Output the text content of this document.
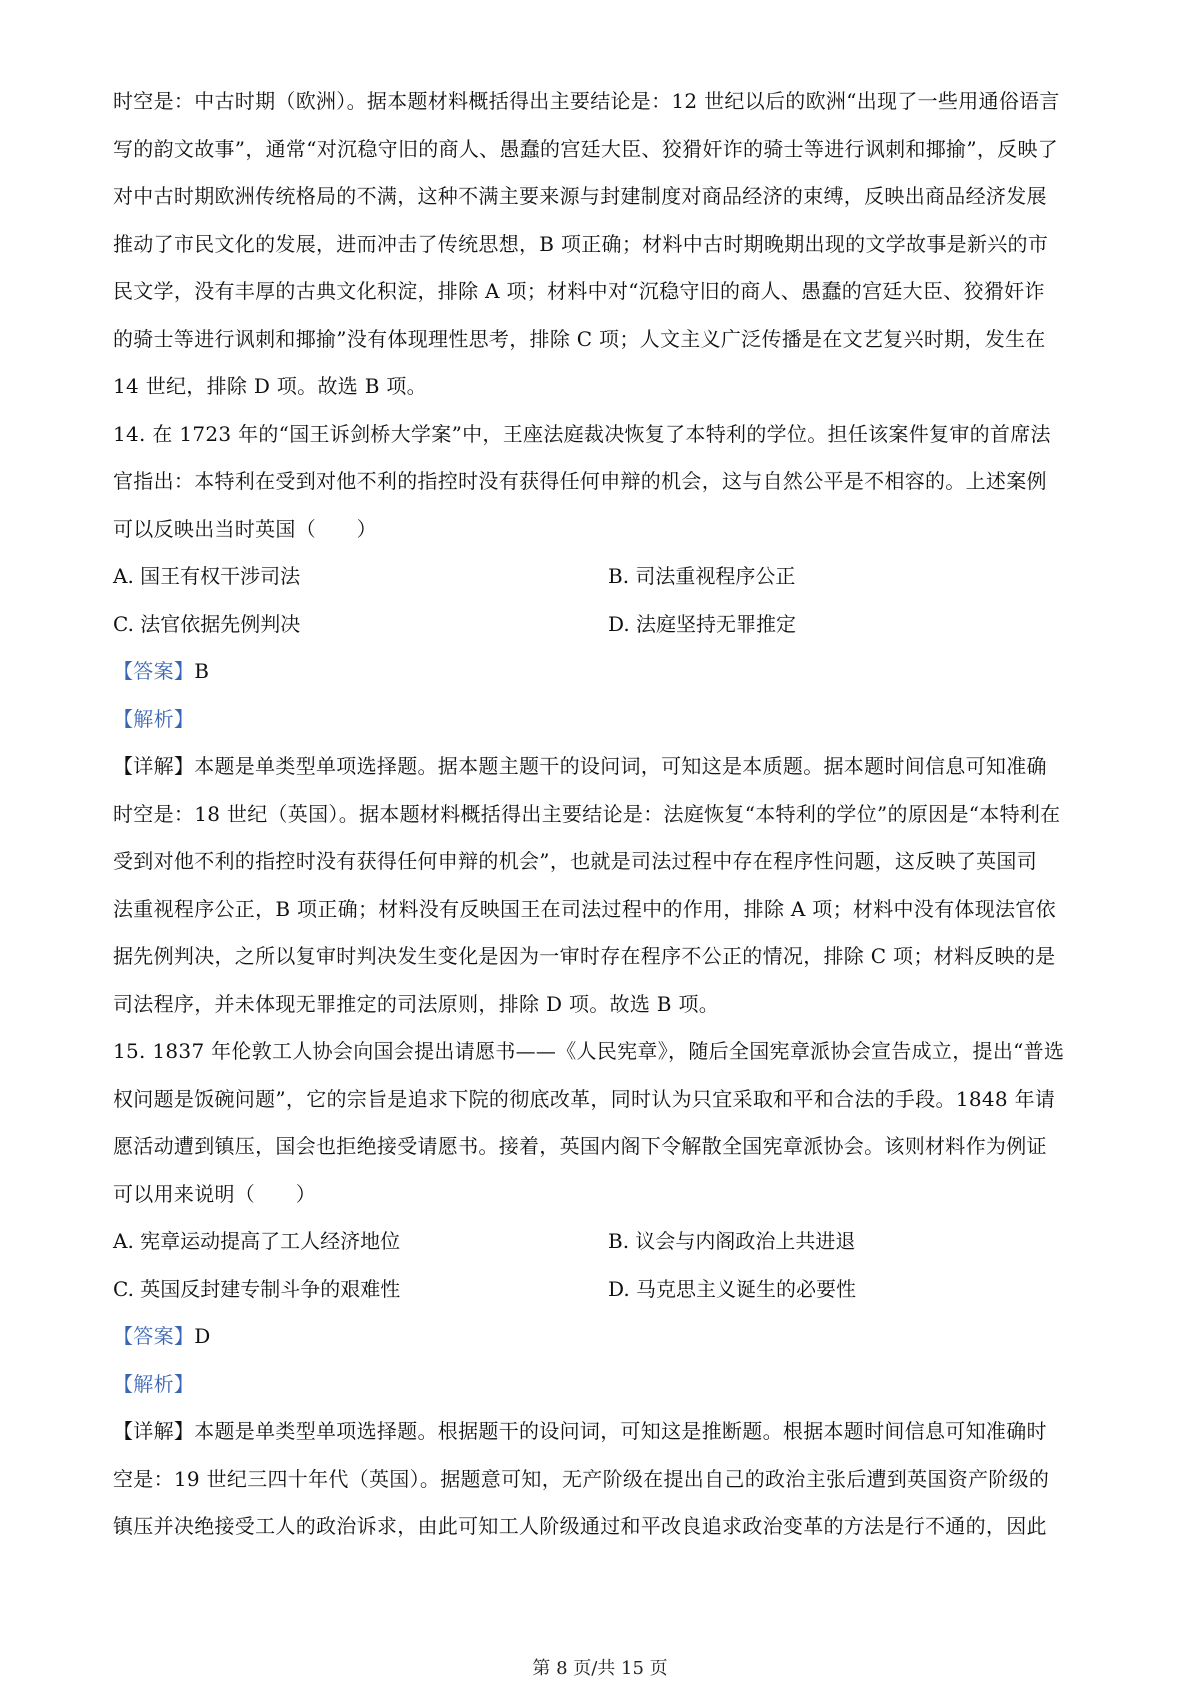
时空是：中古时期（欧洲）。据本题材料概括得出主要结论是：12 世纪以后的欧洲“出现了一些用通俗语言
写的韵文故事”，通常“对沉稳守旧的商人、愚蠢的宫廷大臣、狡猾奸诈的骑士等进行讽刺和揶揄”，反映了
对中古时期欧洲传统格局的不满，这种不满主要来源与封建制度对商品经济的束缚，反映出商品经济发展
推动了市民文化的发展，进而冲击了传统思想，B 项正确；材料中古时期晚期出现的文学故事是新兴的市
民文学，没有丰厚的古典文化积淀，排除 A 项；材料中对“沉稳守旧的商人、愚蠢的宫廷大臣、狡猾奸诈
的骑士等进行讽刺和揶揄”没有体现理性思考，排除 C 项；人文主义广泛传播是在文艺复兴时期，发生在
14 世纪，排除 D 项。故选 B 项。
14. 在 1723 年的“国王诉剑桥大学案”中，王座法庭裁决恢复了本特利的学位。担任该案件复审的首席法
官指出：本特利在受到对他不利的指控时没有获得任何申辩的机会，这与自然公平是不相容的。上述案例
可以反映出当时英国（　　）
A. 国王有权干涉司法	B. 司法重视程序公正
C. 法官依据先例判决	D. 法庭坚持无罪推定
【答案】B
【解析】
【详解】本题是单类型单项选择题。据本题主题干的设问词，可知这是本质题。据本题时间信息可知准确
时空是：18 世纪（英国）。据本题材料概括得出主要结论是：法庭恢复“本特利的学位”的原因是“本特利在
受到对他不利的指控时没有获得任何申辩的机会”，也就是司法过程中存在程序性问题，这反映了英国司
法重视程序公正，B 项正确；材料没有反映国王在司法过程中的作用，排除 A 项；材料中没有体现法官依
据先例判决，之所以复审时判决发生变化是因为一审时存在程序不公正的情况，排除 C 项；材料反映的是
司法程序，并未体现无罪推定的司法原则，排除 D 项。故选 B 项。
15. 1837 年伦敦工人协会向国会提出请愿书——《人民宪章》，随后全国宪章派协会宣告成立，提出“普选
权问题是饭碗问题”，它的宗旨是追求下院的彻底改革，同时认为只宜采取和平和合法的手段。1848 年请
愿活动遭到镇压，国会也拒绝接受请愿书。接着，英国内阁下令解散全国宪章派协会。该则材料作为例证
可以用来说明（　　）
A. 宪章运动提高了工人经济地位	B. 议会与内阁政治上共进退
C. 英国反封建专制斗争的艰难性	D. 马克思主义诞生的必要性
【答案】D
【解析】
【详解】本题是单类型单项选择题。根据题干的设问词，可知这是推断题。根据本题时间信息可知准确时
空是：19 世纪三四十年代（英国）。据题意可知，无产阶级在提出自己的政治主张后遭到英国资产阶级的
镇压并决绝接受工人的政治诉求，由此可知工人阶级通过和平改良追求政治变革的方法是行不通的，因此
第 8 页/共 15 页
